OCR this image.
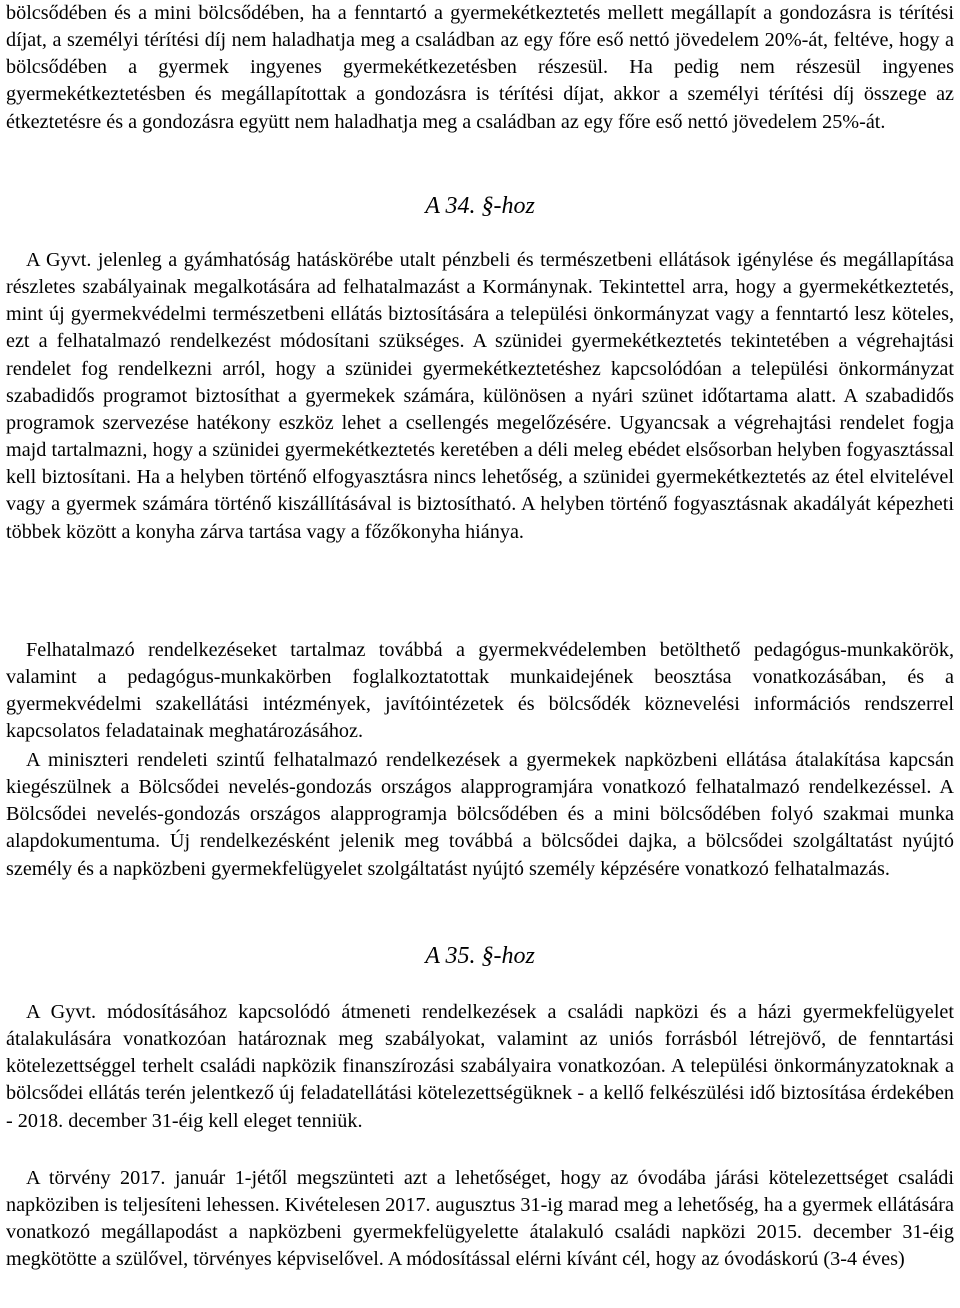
bölcsődében és a mini bölcsődében, ha a fenntartó a gyermekétkeztetés mellett megállapít a gondozásra is térítési díjat, a személyi térítési díj nem haladhatja meg a családban az egy főre eső nettó jövedelem 20%-át, feltéve, hogy a bölcsődében a gyermek ingyenes gyermekétkezetésben részesül. Ha pedig nem részesül ingyenes gyermekétkeztetésben és megállapítottak a gondozásra is térítési díjat, akkor a személyi térítési díj összege az étkeztetésre és a gondozásra együtt nem haladhatja meg a családban az egy főre eső nettó jövedelem 25%-át.

A 34. §-hoz

A Gyvt. jelenleg a gyámhatóság hatáskörébe utalt pénzbeli és természetbeni ellátások igénylése és megállapítása részletes szabályainak megalkotására ad felhatalmazást a Kormánynak. Tekintettel arra, hogy a gyermekétkeztetés, mint új gyermekvédelmi természetbeni ellátás biztosítására a települési önkormányzat vagy a fenntartó lesz köteles, ezt a felhatalmazó rendelkezést módosítani szükséges. A szünidei gyermekétkeztetés tekintetében a végrehajtási rendelet fog rendelkezni arról, hogy a szünidei gyermekétkeztetéshez kapcsolódóan a települési önkormányzat szabadidős programot biztosíthat a gyermekek számára, különösen a nyári szünet időtartama alatt. A szabadidős programok szervezése hatékony eszköz lehet a csellengés megelőzésére. Ugyancsak a végrehajtási rendelet fogja majd tartalmazni, hogy a szünidei gyermekétkeztetés keretében a déli meleg ebédet elsősorban helyben fogyasztással kell biztosítani. Ha a helyben történő elfogyasztásra nincs lehetőség, a szünidei gyermekétkeztetés az étel elvitelével vagy a gyermek számára történő kiszállításával is biztosítható. A helyben történő fogyasztásnak akadályát képezheti többek között a konyha zárva tartása vagy a főzőkonyha hiánya.

Felhatalmazó rendelkezéseket tartalmaz továbbá a gyermekvédelemben betölthető pedagógus-munkakörök, valamint a pedagógus-munkakörben foglalkoztatottak munkaidejének beosztása vonatkozásában, és a gyermekvédelmi szakellátási intézmények, javítóintézetek és bölcsődék köznevelési információs rendszerrel kapcsolatos feladatainak meghatározásához.

A miniszteri rendeleti szintű felhatalmazó rendelkezések a gyermekek napközbeni ellátása átalakítása kapcsán kiegészülnek a Bölcsődei nevelés-gondozás országos alapprogramjára vonatkozó felhatalmazó rendelkezéssel. A Bölcsődei nevelés-gondozás országos alapprogramja bölcsődében és a mini bölcsődében folyó szakmai munka alapdokumentuma. Új rendelkezésként jelenik meg továbbá a bölcsődei dajka, a bölcsődei szolgáltatást nyújtó személy és a napközbeni gyermekfelügyelet szolgáltatást nyújtó személy képzésére vonatkozó felhatalmazás.

A 35. §-hoz

A Gyvt. módosításához kapcsolódó átmeneti rendelkezések a családi napközi és a házi gyermekfelügyelet átalakulására vonatkozóan határoznak meg szabályokat, valamint az uniós forrásból létrejövő, de fenntartási kötelezettséggel terhelt családi napközik finanszírozási szabályaira vonatkozóan. A települési önkormányzatoknak a bölcsődei ellátás terén jelentkező új feladatellátási kötelezettségüknek - a kellő felkészülési idő biztosítása érdekében - 2018. december 31-éig kell eleget tenniük.

A törvény 2017. január 1-jétől megszünteti azt a lehetőséget, hogy az óvodába járási kötelezettséget családi napköziben is teljesíteni lehessen. Kivételesen 2017. augusztus 31-ig marad meg a lehetőség, ha a gyermek ellátására vonatkozó megállapodást a napközbeni gyermekfelügyelette átalakuló családi napközi 2015. december 31-éig megkötötte a szülővel, törvényes képviselővel. A módosítással elérni kívánt cél, hogy az óvodáskorú (3-4 éves)
